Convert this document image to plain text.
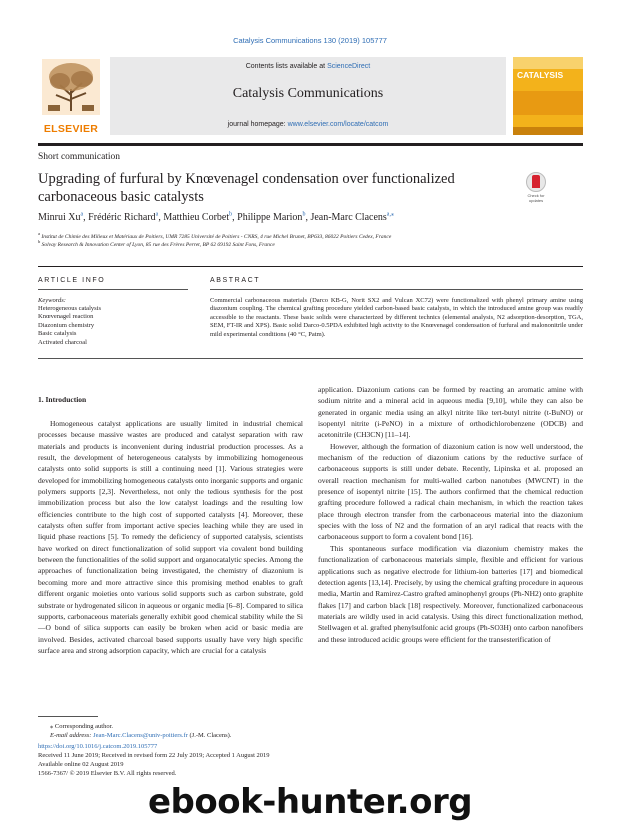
Catalysis Communications 130 (2019) 105777
ELSEVIER
Contents lists available at ScienceDirect
Catalysis Communications
journal homepage: www.elsevier.com/locate/catcom
CATALYSIS
Short communication
Upgrading of furfural by Knœvenagel condensation over functionalized carbonaceous basic catalysts	Check for updates
Minrui Xu$^a$, Frédéric Richard$^a$, Matthieu Corbet$^b$, Philippe Marion$^b$, Jean-Marc Clacens$^{a,⁎}$
$^a$ Institut de Chimie des Milieux et Matériaux de Poitiers, UMR 7285 Université de Poitiers - CNRS, 4 rue Michel Brunet, BP633, 86022 Poitiers Cedex, France
$^b$ Solvay Research & Innovation Center of Lyon, 85 rue des Frères Perret, BP 62 69192 Saint Fons, France
ARTICLE INFO
Keywords:
Heterogeneous catalysis
Knœvenagel reaction
Diazonium chemistry
Basic catalysis
Activated charcoal
ABSTRACT
Commercial carbonaceous materials (Darco KB-G, Norit SX2 and Vulcan XC72) were functionalized with phenyl primary amine using diazonium coupling. The chemical grafting procedure yielded carbon-based basic catalysts, in which the introduced amine group was readily accessible to the reactants. These basic solids were characterized by different technics (elemental analysis, N2 adsorption-desorption, TGA, SEM, FT-IR and XPS). Basic solid Darco-0.5PDA exhibited high activity to the Knœvenagel condensation of furfural and malononitrile under mild experimental conditions (40 °C, Patm).
1. Introduction

Homogeneous catalyst applications are usually limited in industrial chemical processes because massive wastes are produced and catalyst separation with raw materials and products is inconvenient during industrial production processes. As a result, the development of heterogeneous catalysts by immobilizing homogeneous catalysts onto solid supports is still a continuing need [1]. Various strategies were developed for immobilizing homogeneous catalysts onto inorganic supports and organic polymers supports [2,3]. Nevertheless, not only the tedious synthesis for the post immobilization process but also the low catalyst loadings and the resulting low efficiencies contribute to the high cost of supported catalysts [4]. Moreover, these catalysts often suffer from important active species leaching while they are used in liquid phase reactions [5]. To remedy the deficiency of supported catalysis, scientists have worked on direct functionalization of solid support via covalent bond building between the functionalities of the solid support and organocatalytic species. Among the approaches of functionalization being investigated, the chemistry of diazonium is becoming more and more attractive since this promising method enables to graft different organic moieties onto various solid supports such as carbon substrate, gold substrate or hydrogenated silicon in aqueous or organic media [6–8]. Compared to silica supports, carbonaceous materials generally exhibit good chemical stability while the Si—O bond of silica supports can easily be broken when acid or basic media are involved. Besides, activated charcoal based supports usually have very high specific surface area and strong adsorption capacity, which are crucial for a catalysis

application. Diazonium cations can be formed by reacting an aromatic amine with sodium nitrite and a mineral acid in aqueous media [9,10], while they can also be generated in organic media using an alkyl nitrite like tert-butyl nitrite (t-BuNO) or isopentyl nitrite (i-PeNO) in a mixture of orthodichlorobenzene (ODCB) and acetonitrile (CH3CN) [11–14].

However, although the formation of diazonium cation is now well understood, the mechanism of the reduction of diazonium cations by the reductive surface of carbonaceous supports is still under debate. Recently, Lipinska et al. proposed an overall reaction mechanism for multi-walled carbon nanotubes (MWCNT) in the presence of isopentyl nitrite [15]. The authors confirmed that the chemical reduction grafting procedure followed a radical chain mechanism, in which the reaction takes place through electron transfer from the carbonaceous material into the diazonium species with the loss of N2 and the formation of an aryl radical that reacts with the carbonaceous support to form a covalent bond [16].

This spontaneous surface modification via diazonium chemistry makes the functionalization of carbonaceous materials simple, flexible and efficient for various applications such as negative electrode for lithium-ion batteries [17] and biomedical detection agents [13,14]. Precisely, by using the chemical grafting procedure in aqueous media, Martin and Ramirez-Castro grafted aminophenyl groups (Ph-NH2) onto graphite flakes [17] and carbon black [18] respectively. Moreover, functionalized carbonaceous materials are wildly used in acid catalysis. Using this direct functionalization method, Stellwagen et al. grafted phenylsulfonic acid groups (Ph-SO3H) onto carbon nanofibers and these introduced acidic groups were efficient for the transesterification of

⁎ Corresponding author.
E-mail address: Jean-Marc.Clacens@univ-poitiers.fr (J.-M. Clacens).
https://doi.org/10.1016/j.catcom.2019.105777
Received 11 June 2019; Received in revised form 22 July 2019; Accepted 1 August 2019
Available online 02 August 2019
1566-7367/ © 2019 Elsevier B.V. All rights reserved.
ebook-hunter.org
